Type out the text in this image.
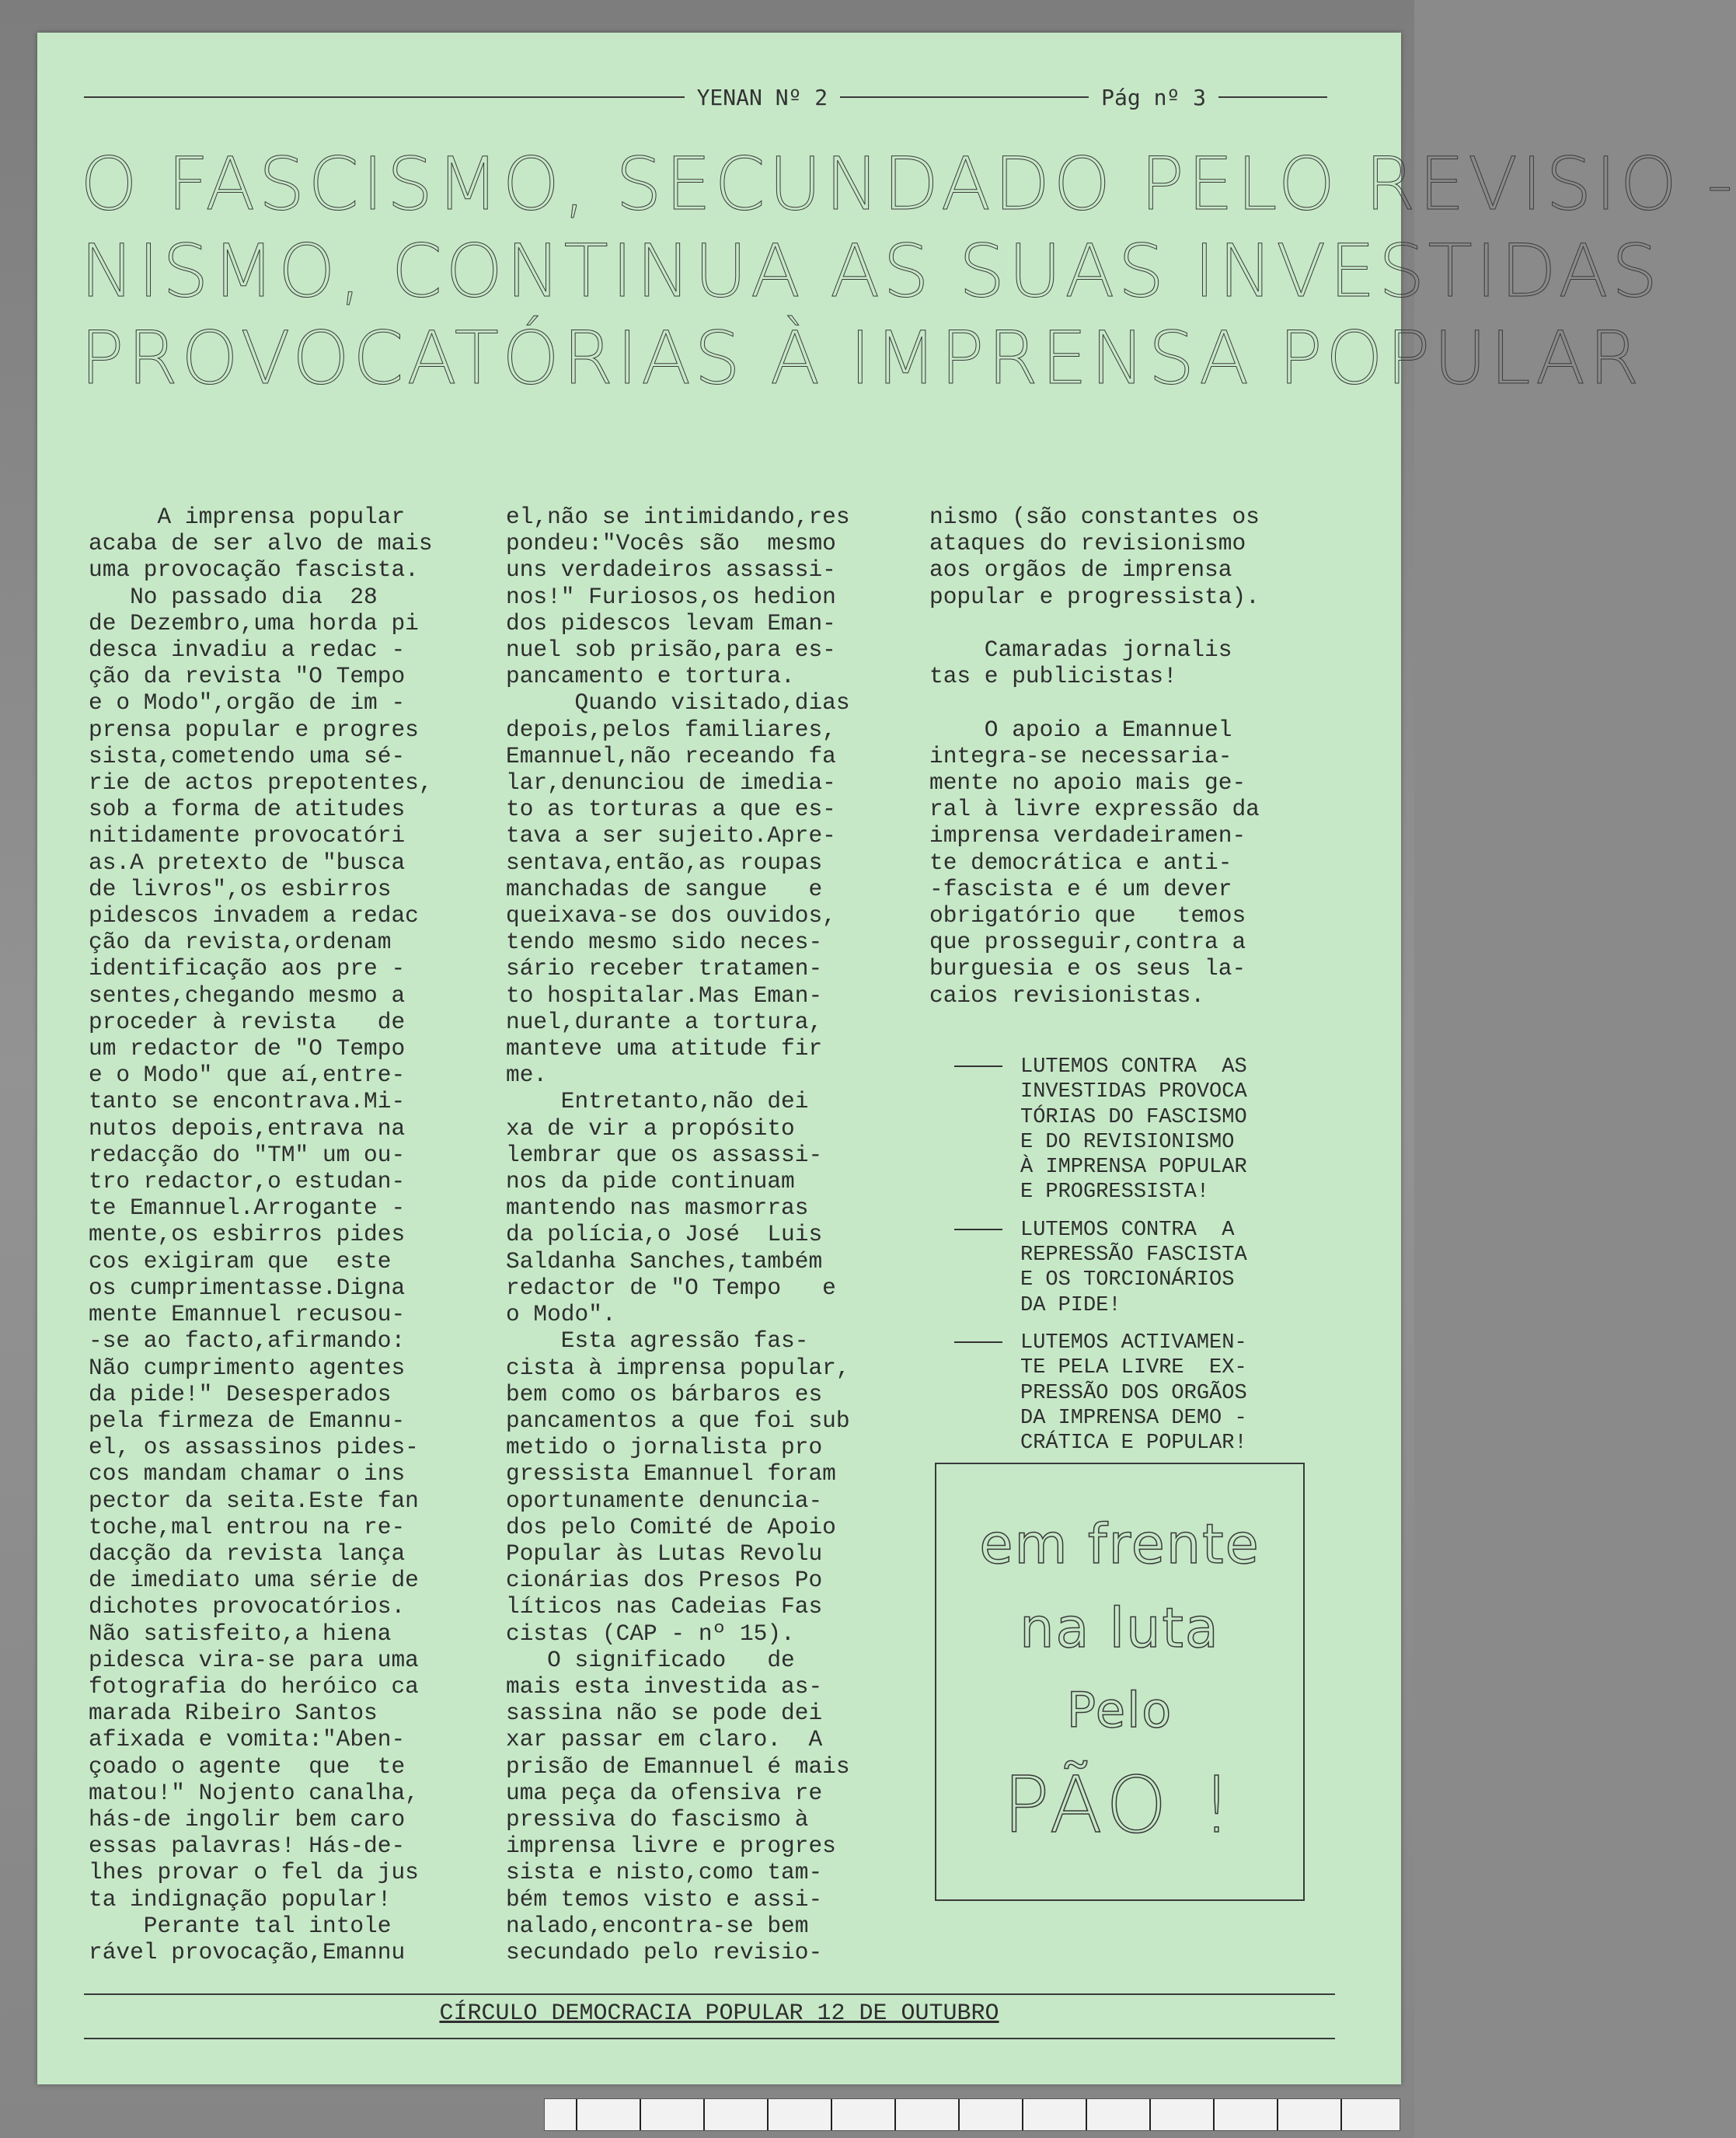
YENAN Nº 2	Pág nº 3
O FASCISMO, SECUNDADO PELO REVISIO -
NISMO, CONTINUA AS SUAS INVESTIDAS
PROVOCATÓRIAS À IMPRENSA POPULAR
A imprensa popular
acaba de ser alvo de mais
uma provocação fascista.
No passado dia  28
de Dezembro,uma horda pi
desca invadiu a redac -
ção da revista "O Tempo
e o Modo",orgão de im -
prensa popular e progres
sista,cometendo uma sé-
rie de actos prepotentes,
sob a forma de atitudes
nitidamente provocatóri
as.A pretexto de "busca
de livros",os esbirros
pidescos invadem a redac
ção da revista,ordenam
identificação aos pre -
sentes,chegando mesmo a
proceder à revista   de
um redactor de "O Tempo
e o Modo" que aí,entre-
tanto se encontrava.Mi-
nutos depois,entrava na
redacção do "TM" um ou-
tro redactor,o estudan-
te Emannuel.Arrogante -
mente,os esbirros pides
cos exigiram que  este
os cumprimentasse.Digna
mente Emannuel recusou-
-se ao facto,afirmando:
Não cumprimento agentes
da pide!" Desesperados
pela firmeza de Emannu-
el, os assassinos pides-
cos mandam chamar o ins
pector da seita.Este fan
toche,mal entrou na re-
dacção da revista lança
de imediato uma série de
dichotes provocatórios.
Não satisfeito,a hiena
pidesca vira-se para uma
fotografia do heróico ca
marada Ribeiro Santos
afixada e vomita:"Aben-
çoado o agente  que  te
matou!" Nojento canalha,
hás-de ingolir bem caro
essas palavras! Hás-de-
lhes provar o fel da jus
ta indignação popular!
Perante tal intole
rável provocação,Emannu
el,não se intimidando,res
pondeu:"Vocês são  mesmo
uns verdadeiros assassi-
nos!" Furiosos,os hedion
dos pidescos levam Eman-
nuel sob prisão,para es-
pancamento e tortura.
Quando visitado,dias
depois,pelos familiares,
Emannuel,não receando fa
lar,denunciou de imedia-
to as torturas a que es-
tava a ser sujeito.Apre-
sentava,então,as roupas
manchadas de sangue   e
queixava-se dos ouvidos,
tendo mesmo sido neces-
sário receber tratamen-
to hospitalar.Mas Eman-
nuel,durante a tortura,
manteve uma atitude fir
me.
Entretanto,não dei
xa de vir a propósito
lembrar que os assassi-
nos da pide continuam
mantendo nas masmorras
da polícia,o José  Luis
Saldanha Sanches,também
redactor de "O Tempo   e
o Modo".
Esta agressão fas-
cista à imprensa popular,
bem como os bárbaros es
pancamentos a que foi sub
metido o jornalista pro
gressista Emannuel foram
oportunamente denuncia-
dos pelo Comité de Apoio
Popular às Lutas Revolu
cionárias dos Presos Po
líticos nas Cadeias Fas
cistas (CAP - nº 15).
O significado   de
mais esta investida as-
sassina não se pode dei
xar passar em claro.  A
prisão de Emannuel é mais
uma peça da ofensiva re
pressiva do fascismo à
imprensa livre e progres
sista e nisto,como tam-
bém temos visto e assi-
nalado,encontra-se bem
secundado pelo revisio-
nismo (são constantes os
ataques do revisionismo
aos orgãos de imprensa
popular e progressista).

Camaradas jornalis
tas e publicistas!

O apoio a Emannuel
integra-se necessaria-
mente no apoio mais ge-
ral à livre expressão da
imprensa verdadeiramen-
te democrática e anti-
-fascista e é um dever
obrigatório que   temos
que prosseguir,contra a
burguesia e os seus la-
caios revisionistas.
LUTEMOS CONTRA  AS
INVESTIDAS PROVOCA
TÓRIAS DO FASCISMO
E DO REVISIONISMO
À IMPRENSA POPULAR
E PROGRESSISTA!
LUTEMOS CONTRA  A
REPRESSÃO FASCISTA
E OS TORCIONÁRIOS
DA PIDE!
LUTEMOS ACTIVAMEN-
TE PELA LIVRE  EX-
PRESSÃO DOS ORGÃOS
DA IMPRENSA DEMO -
CRÁTICA E POPULAR!
em frente
na luta
Pelo
PÃO !
CÍRCULO DEMOCRACIA POPULAR 12 DE OUTUBRO
